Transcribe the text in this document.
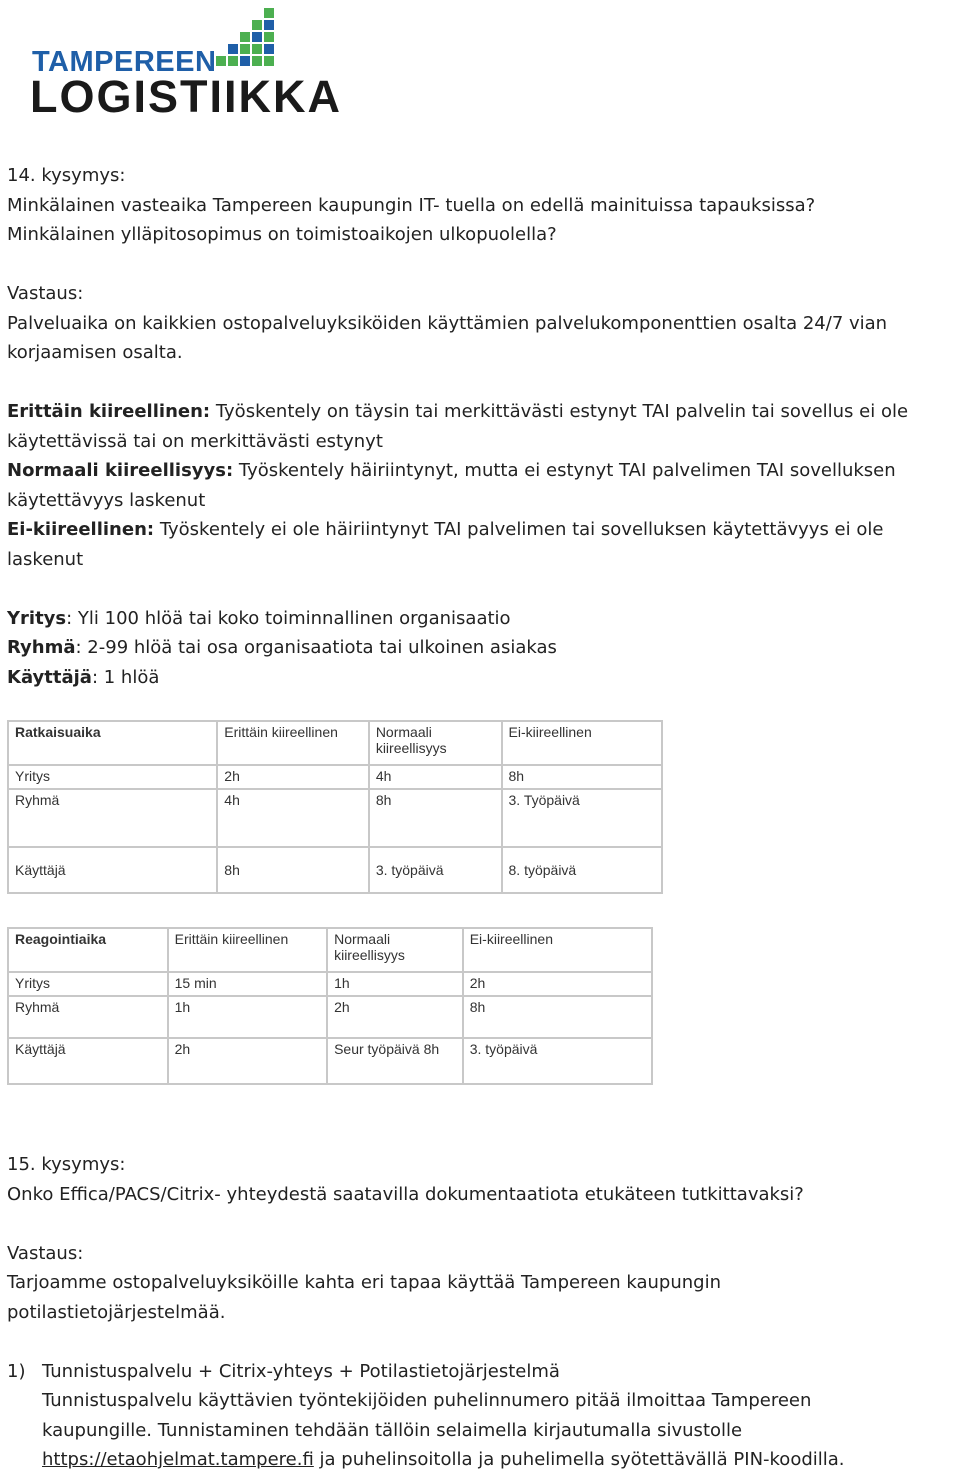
TAMPEREEN
LOGISTIIKKA
14. kysymys:
Minkälainen vasteaika Tampereen kaupungin IT- tuella on edellä mainituissa tapauksissa?
Minkälainen ylläpitosopimus on toimistoaikojen ulkopuolella?
Vastaus:
Palveluaika on kaikkien ostopalveluyksiköiden käyttämien palvelukomponenttien osalta 24/7 vian
korjaamisen osalta.
Erittäin kiireellinen: Työskentely on täysin tai merkittävästi estynyt TAI palvelin tai sovellus ei ole
käytettävissä tai on merkittävästi estynyt
Normaali kiireellisyys: Työskentely häiriintynyt, mutta ei estynyt TAI palvelimen TAI sovelluksen
käytettävyys laskenut
Ei-kiireellinen: Työskentely ei ole häiriintynyt TAI palvelimen tai sovelluksen käytettävyys ei ole
laskenut
Yritys: Yli 100 hlöä tai koko toiminnallinen organisaatio
Ryhmä: 2-99 hlöä tai osa organisaatiota tai ulkoinen asiakas
Käyttäjä: 1 hlöä
Ratkaisuaika	Erittäin kiireellinen	Normaali kiireellisyys	Ei-kiireellinen
Yritys	2h	4h	8h
Ryhmä	4h	8h	3. Työpäivä
Käyttäjä	8h	3. työpäivä	8. työpäivä
Reagointiaika	Erittäin kiireellinen	Normaali kiireellisyys	Ei-kiireellinen
Yritys	15 min	1h	2h
Ryhmä	1h	2h	8h
Käyttäjä	2h	Seur työpäivä 8h	3. työpäivä
15. kysymys:
Onko Effica/PACS/Citrix- yhteydestä saatavilla dokumentaatiota etukäteen tutkittavaksi?
Vastaus:
Tarjoamme ostopalveluyksiköille kahta eri tapaa käyttää Tampereen kaupungin
potilastietojärjestelmää.
1) Tunnistuspalvelu + Citrix-yhteys + Potilastietojärjestelmä
Tunnistuspalvelu käyttävien työntekijöiden puhelinnumero pitää ilmoittaa Tampereen
kaupungille. Tunnistaminen tehdään tällöin selaimella kirjautumalla sivustolle
https://etaohjelmat.tampere.fi ja puhelinsoitolla ja puhelimella syötettävällä PIN-koodilla.
